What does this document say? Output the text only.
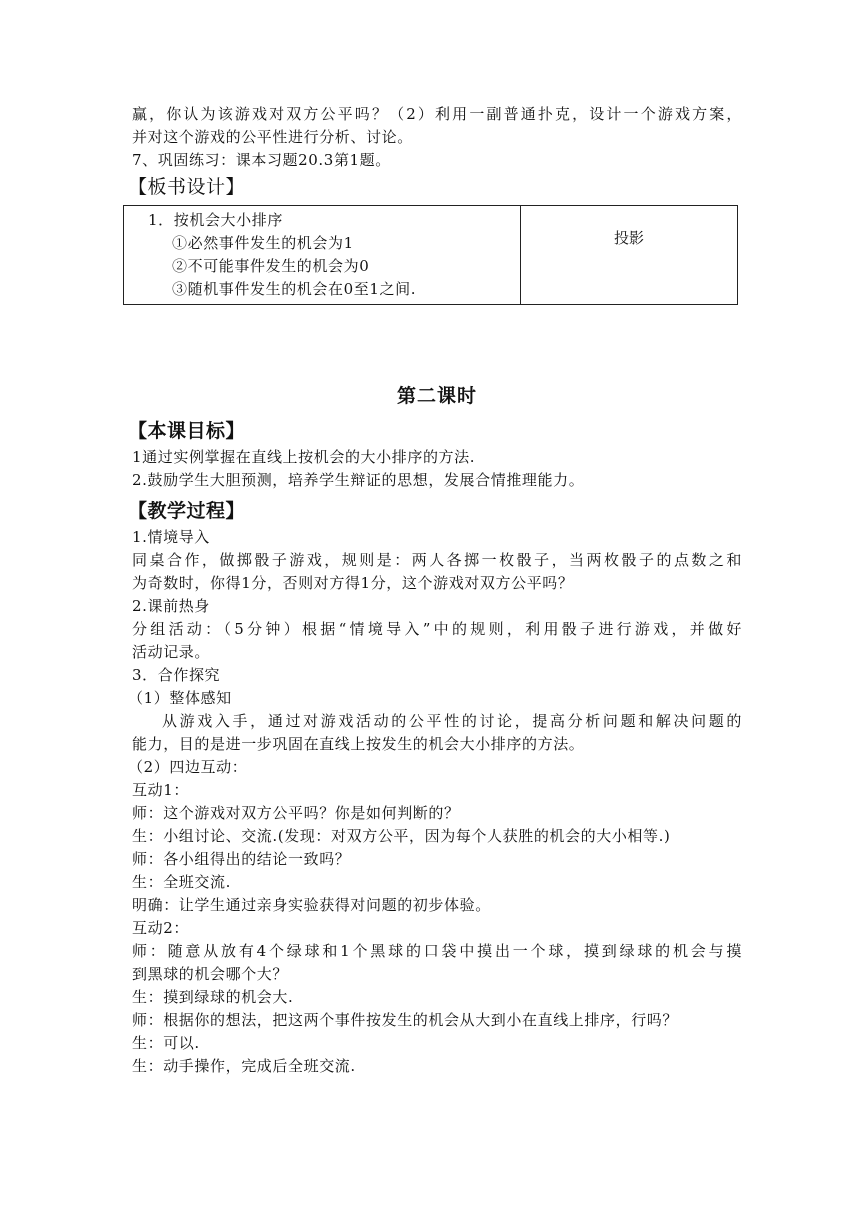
赢，你认为该游戏对双方公平吗？（2）利用一副普通扑克，设计一个游戏方案，
并对这个游戏的公平性进行分析、讨论。
7、巩固练习：课本习题20.3第1题。
【板书设计】
1．按机会大小排序
①必然事件发生的机会为1
②不可能事件发生的机会为0
③随机事件发生的机会在0至1之间.
投影
第二课时
【本课目标】
1通过实例掌握在直线上按机会的大小排序的方法.
2.鼓励学生大胆预测，培养学生辩证的思想，发展合情推理能力。
【教学过程】
1.情境导入
同桌合作，做掷骰子游戏，规则是：两人各掷一枚骰子，当两枚骰子的点数之和
为奇数时，你得1分，否则对方得1分，这个游戏对双方公平吗？
2.课前热身
分组活动：（5分钟）根据“情境导入”中的规则，利用骰子进行游戏，并做好
活动记录。
3．合作探究
（1）整体感知
从游戏入手，通过对游戏活动的公平性的讨论，提高分析问题和解决问题的
能力，目的是进一步巩固在直线上按发生的机会大小排序的方法。
（2）四边互动：
互动1：
师：这个游戏对双方公平吗？你是如何判断的？
生：小组讨论、交流.(发现：对双方公平，因为每个人获胜的机会的大小相等.)
师：各小组得出的结论一致吗？
生：全班交流.
明确：让学生通过亲身实验获得对问题的初步体验。
互动2：
师：随意从放有4个绿球和1个黑球的口袋中摸出一个球，摸到绿球的机会与摸
到黑球的机会哪个大？
生：摸到绿球的机会大.
师：根据你的想法，把这两个事件按发生的机会从大到小在直线上排序，行吗？
生：可以.
生：动手操作，完成后全班交流.
